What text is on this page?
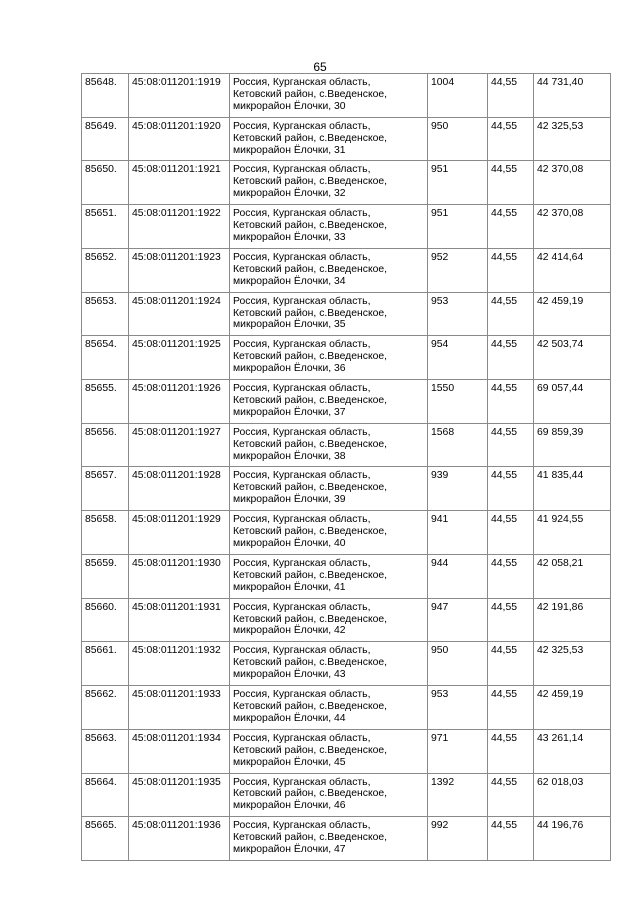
65
85648.	45:08:011201:1919	Россия, Курганская область,
Кетовский район, с.Введенское,
микрорайон Ёлочки, 30	1004	44,55	44 731,40
85649.	45:08:011201:1920	Россия, Курганская область,
Кетовский район, с.Введенское,
микрорайон Ёлочки, 31	950	44,55	42 325,53
85650.	45:08:011201:1921	Россия, Курганская область,
Кетовский район, с.Введенское,
микрорайон Ёлочки, 32	951	44,55	42 370,08
85651.	45:08:011201:1922	Россия, Курганская область,
Кетовский район, с.Введенское,
микрорайон Ёлочки, 33	951	44,55	42 370,08
85652.	45:08:011201:1923	Россия, Курганская область,
Кетовский район, с.Введенское,
микрорайон Ёлочки, 34	952	44,55	42 414,64
85653.	45:08:011201:1924	Россия, Курганская область,
Кетовский район, с.Введенское,
микрорайон Ёлочки, 35	953	44,55	42 459,19
85654.	45:08:011201:1925	Россия, Курганская область,
Кетовский район, с.Введенское,
микрорайон Ёлочки, 36	954	44,55	42 503,74
85655.	45:08:011201:1926	Россия, Курганская область,
Кетовский район, с.Введенское,
микрорайон Ёлочки, 37	1550	44,55	69 057,44
85656.	45:08:011201:1927	Россия, Курганская область,
Кетовский район, с.Введенское,
микрорайон Ёлочки, 38	1568	44,55	69 859,39
85657.	45:08:011201:1928	Россия, Курганская область,
Кетовский район, с.Введенское,
микрорайон Ёлочки, 39	939	44,55	41 835,44
85658.	45:08:011201:1929	Россия, Курганская область,
Кетовский район, с.Введенское,
микрорайон Ёлочки, 40	941	44,55	41 924,55
85659.	45:08:011201:1930	Россия, Курганская область,
Кетовский район, с.Введенское,
микрорайон Ёлочки, 41	944	44,55	42 058,21
85660.	45:08:011201:1931	Россия, Курганская область,
Кетовский район, с.Введенское,
микрорайон Ёлочки, 42	947	44,55	42 191,86
85661.	45:08:011201:1932	Россия, Курганская область,
Кетовский район, с.Введенское,
микрорайон Ёлочки, 43	950	44,55	42 325,53
85662.	45:08:011201:1933	Россия, Курганская область,
Кетовский район, с.Введенское,
микрорайон Ёлочки, 44	953	44,55	42 459,19
85663.	45:08:011201:1934	Россия, Курганская область,
Кетовский район, с.Введенское,
микрорайон Ёлочки, 45	971	44,55	43 261,14
85664.	45:08:011201:1935	Россия, Курганская область,
Кетовский район, с.Введенское,
микрорайон Ёлочки, 46	1392	44,55	62 018,03
85665.	45:08:011201:1936	Россия, Курганская область,
Кетовский район, с.Введенское,
микрорайон Ёлочки, 47	992	44,55	44 196,76
